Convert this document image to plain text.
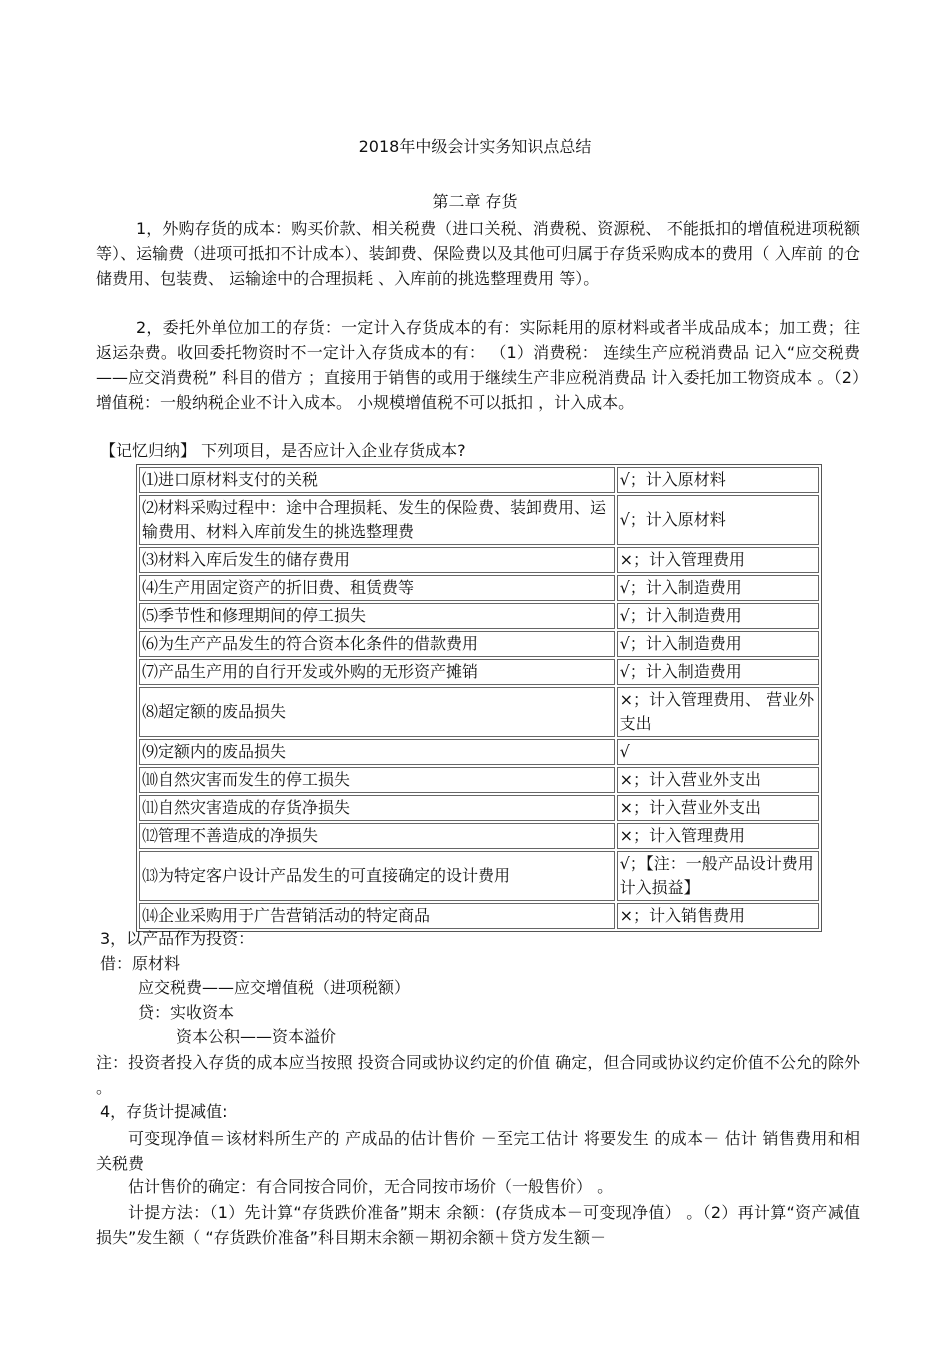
2018年中级会计实务知识点总结
第二章 存货
1，外购存货的成本：购买价款、相关税费（进口关税、消费税、资源税、 不能抵扣的增值税进项税额 等）、运输费（进项可抵扣不计成本）、装卸费、保险费以及其他可归属于存货采购成本的费用（ 入库前 的仓储费用、包装费、 运输途中的合理损耗 、入库前的挑选整理费用 等）。
2，委托外单位加工的存货：一定计入存货成本的有：实际耗用的原材料或者半成品成本；加工费；往返运杂费。收回委托物资时不一定计入存货成本的有： （1）消费税： 连续生产应税消费品 记入“应交税费——应交消费税” 科目的借方 ；直接用于销售的或用于继续生产非应税消费品 计入委托加工物资成本 。（2）增值税：一般纳税企业不计入成本。 小规模增值税不可以抵扣 ，计入成本。
【记忆归纳】 下列项目，是否应计入企业存货成本?
⑴进口原材料支付的关税	√；计入原材料
⑵材料采购过程中：途中合理损耗、发生的保险费、装卸费用、运输费用、材料入库前发生的挑选整理费	√；计入原材料
⑶材料入库后发生的储存费用	×；计入管理费用
⑷生产用固定资产的折旧费、租赁费等	√；计入制造费用
⑸季节性和修理期间的停工损失	√；计入制造费用
⑹为生产产品发生的符合资本化条件的借款费用	√；计入制造费用
⑺产品生产用的自行开发或外购的无形资产摊销	√；计入制造费用
⑻超定额的废品损失	×；计入管理费用、 营业外支出
⑼定额内的废品损失	√
⑽自然灾害而发生的停工损失	×；计入营业外支出
⑾自然灾害造成的存货净损失	×；计入营业外支出
⑿管理不善造成的净损失	×；计入管理费用
⒀为特定客户设计产品发生的可直接确定的设计费用	√；【注：一般产品设计费用计入损益】
⒁企业采购用于广告营销活动的特定商品	×；计入销售费用
3，以产品作为投资：
借：原材料
应交税费——应交增值税（进项税额）
贷：实收资本
资本公积——资本溢价
注：投资者投入存货的成本应当按照 投资合同或协议约定的价值 确定，但合同或协议约定价值不公允的除外 。
4，存货计提减值:
可变现净值＝该材料所生产的 产成品的估计售价 －至完工估计 将要发生 的成本－ 估计 销售费用和相关税费
估计售价的确定：有合同按合同价，无合同按市场价（一般售价） 。
计提方法：（1）先计算“存货跌价准备”期末 余额：(存货成本－可变现净值） 。（2）再计算“资产减值损失”发生额（ “存货跌价准备”科目期末余额－期初余额＋贷方发生额－
